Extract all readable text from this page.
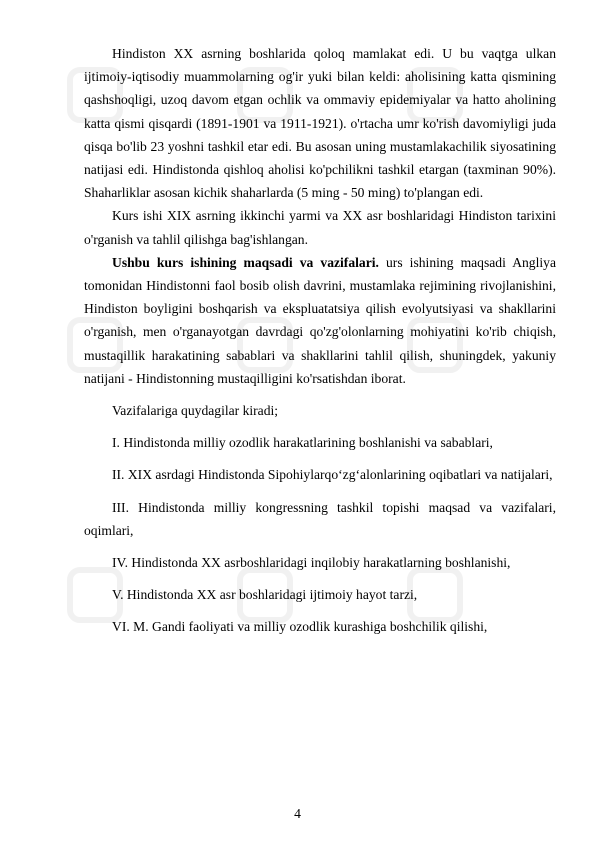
Hindiston XX asrning boshlarida qoloq mamlakat edi. U bu vaqtga ulkan ijtimoiy-iqtisodiy muammolarning og'ir yuki bilan keldi: aholisining katta qismining qashshoqligi, uzoq davom etgan ochlik va ommaviy epidemiyalar va hatto aholining katta qismi qisqardi (1891-1901 va 1911-1921). o'rtacha umr ko'rish davomiyligi juda qisqa bo'lib 23 yoshni tashkil etar edi. Bu asosan uning mustamlakachilik siyosatining natijasi edi. Hindistonda qishloq aholisi ko'pchilikni tashkil etargan (taxminan 90%). Shaharliklar asosan kichik shaharlarda (5 ming - 50 ming) to'plangan edi.

Kurs ishi XIX asrning ikkinchi yarmi va XX asr boshlaridagi Hindiston tarixini o'rganish va tahlil qilishga bag'ishlangan.

Ushbu kurs ishining maqsadi va vazifalari. urs ishining maqsadi Angliya tomonidan Hindistonni faol bosib olish davrini, mustamlaka rejimining rivojlanishini, Hindiston boyligini boshqarish va ekspluatatsiya qilish evolyutsiyasi va shakllarini o'rganish, men o'rganayotgan davrdagi qo'zg'olonlarning mohiyatini ko'rib chiqish, mustaqillik harakatining sabablari va shakllarini tahlil qilish, shuningdek, yakuniy natijani - Hindistonning mustaqilligini ko'rsatishdan iborat.

Vazifalariga quydagilar kiradi;

I. Hindistonda milliy ozodlik harakatlarining boshlanishi va sabablari,

II. XIX asrdagi Hindistonda Sipohiylarqo‘zg‘alonlarining oqibatlari va natijalari,

III. Hindistonda milliy kongressning tashkil topishi maqsad va vazifalari, oqimlari,

IV. Hindistonda XX asrboshlaridagi inqilobiy harakatlarning boshlanishi,

V. Hindistonda XX asr boshlaridagi ijtimoiy hayot tarzi,

VI. M. Gandi faoliyati va milliy ozodlik kurashiga boshchilik qilishi,

4
